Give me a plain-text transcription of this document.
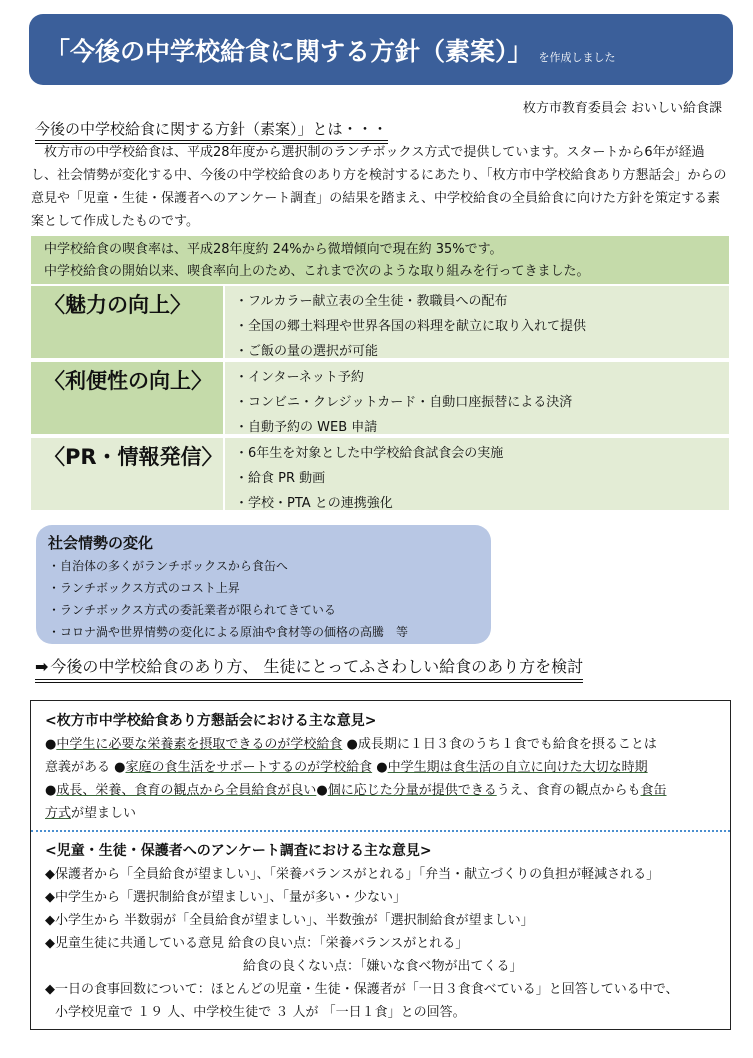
「今後の中学校給食に関する方針（素案）」 を作成しました
枚方市教育委員会 おいしい給食課
今後の中学校給食に関する方針（素案）」とは・・・
枚方市の中学校給食は、平成28年度から選択制のランチボックス方式で提供しています。スタートから6年が経過し、社会情勢が変化する中、今後の中学校給食のあり方を検討するにあたり、「枚方市中学校給食あり方懇話会」からの意見や「児童・生徒・保護者へのアンケート調査」の結果を踏まえ、中学校給食の全員給食に向けた方針を策定する素案として作成したものです。
中学校給食の喫食率は、平成28年度約 24%から微増傾向で現在約 35%です。
中学校給食の開始以来、喫食率向上のため、これまで次のような取り組みを行ってきました。
〈魅力の向上〉	・フルカラー献立表の全生徒・教職員への配布
・全国の郷土料理や世界各国の料理を献立に取り入れて提供
・ご飯の量の選択が可能
〈利便性の向上〉	・インターネット予約
・コンビニ・クレジットカード・自動口座振替による決済
・自動予約の WEB 申請
〈PR・情報発信〉 ・6年生を対象とした中学校給食試食会の実施
・給食 PR 動画
・学校・PTA との連携強化
社会情勢の変化
・自治体の多くがランチボックスから食缶へ
・ランチボックス方式のコスト上昇
・ランチボックス方式の委託業者が限られてきている
・コロナ渦や世界情勢の変化による原油や食材等の価格の高騰　等
➡ 今後の中学校給食のあり方、 生徒にとってふさわしい給食のあり方を検討
<枚方市中学校給食あり方懇話会における主な意見>
●中学生に必要な栄養素を摂取できるのが学校給食 ●成長期に１日３食のうち１食でも給食を摂ることは
意義がある ●家庭の食生活をサポートするのが学校給食 ●中学生期は食生活の自立に向けた大切な時期
●成長、栄養、食育の観点から全員給食が良い●個に応じた分量が提供できるうえ、食育の観点からも食缶
方式が望ましい
<児童・生徒・保護者へのアンケート調査における主な意見>
◆保護者から「全員給食が望ましい」、「栄養バランスがとれる」「弁当・献立づくりの負担が軽減される」
◆中学生から「選択制給食が望ましい」、「量が多い・少ない」
◆小学生から 半数弱が「全員給食が望ましい」、半数強が「選択制給食が望ましい」
◆児童生徒に共通している意見 給食の良い点：「栄養バランスがとれる」
給食の良くない点：「嫌いな食べ物が出てくる」
◆一日の食事回数について：ほとんどの児童・生徒・保護者が「一日３食食べている」と回答している中で、
小学校児童で １９ 人、中学校生徒で ３ 人が 「一日１食」との回答。
